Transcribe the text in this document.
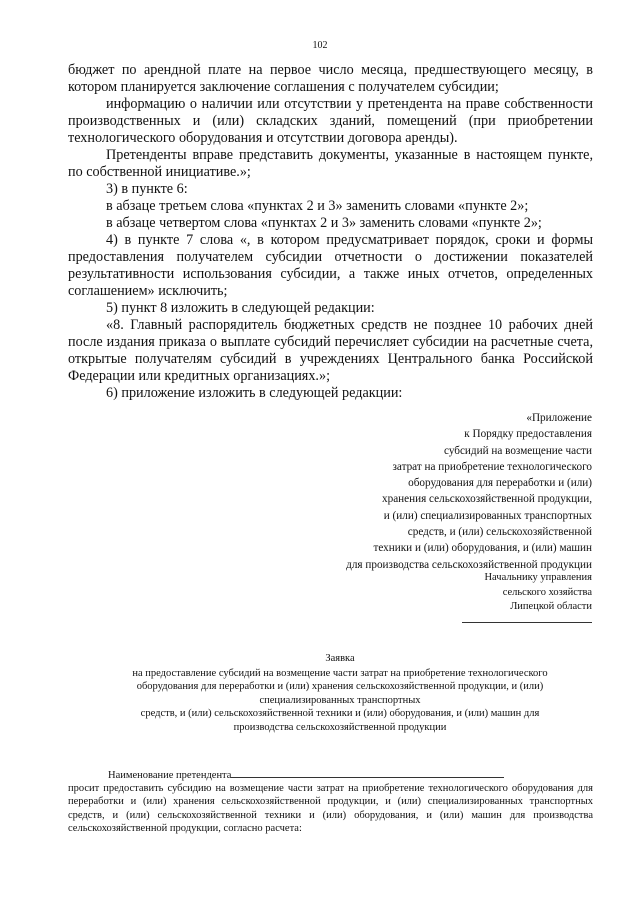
102

бюджет по арендной плате на первое число месяца, предшествующего месяцу, в котором планируется заключение соглашения с получателем субсидии;

информацию о наличии или отсутствии у претендента на праве собственности производственных и (или) складских зданий, помещений (при приобретении технологического оборудования и отсутствии договора аренды).

Претенденты вправе представить документы, указанные в настоящем пункте, по собственной инициативе.»;

3) в пункте 6:

в абзаце третьем слова «пунктах 2 и 3» заменить словами «пункте 2»;

в абзаце четвертом слова «пунктах 2 и 3» заменить словами «пункте 2»;

4) в пункте 7 слова «, в котором предусматривает порядок, сроки и формы предоставления получателем субсидии отчетности о достижении показателей результативности использования субсидии, а также иных отчетов, определенных соглашением» исключить;

5) пункт 8 изложить в следующей редакции:

«8. Главный распорядитель бюджетных средств не позднее 10 рабочих дней после издания приказа о выплате субсидий перечисляет субсидии на расчетные счета, открытые получателям субсидий в учреждениях Центрального банка Российской Федерации или кредитных организациях.»;

6) приложение изложить в следующей редакции:

«Приложение
к Порядку предоставления
субсидий на возмещение части
затрат на приобретение технологического
оборудования для переработки и (или)
хранения сельскохозяйственной продукции,
и (или) специализированных транспортных
средств, и (или) сельскохозяйственной
техники и (или) оборудования, и (или) машин
для производства сельскохозяйственной продукции
Начальнику управления
сельского хозяйства
Липецкой области
Заявка
на предоставление субсидий на возмещение части затрат на приобретение технологического
оборудования для переработки и (или) хранения сельскохозяйственной продукции, и (или)
специализированных транспортных
средств, и (или) сельскохозяйственной техники и (или) оборудования, и (или) машин для
производства сельскохозяйственной продукции
Наименование претендента

просит предоставить субсидию на возмещение части затрат на приобретение технологического оборудования для переработки и (или) хранения сельскохозяйственной продукции, и (или) специализированных транспортных средств, и (или) сельскохозяйственной техники и (или) оборудования, и (или) машин для производства сельскохозяйственной продукции, согласно расчета:
